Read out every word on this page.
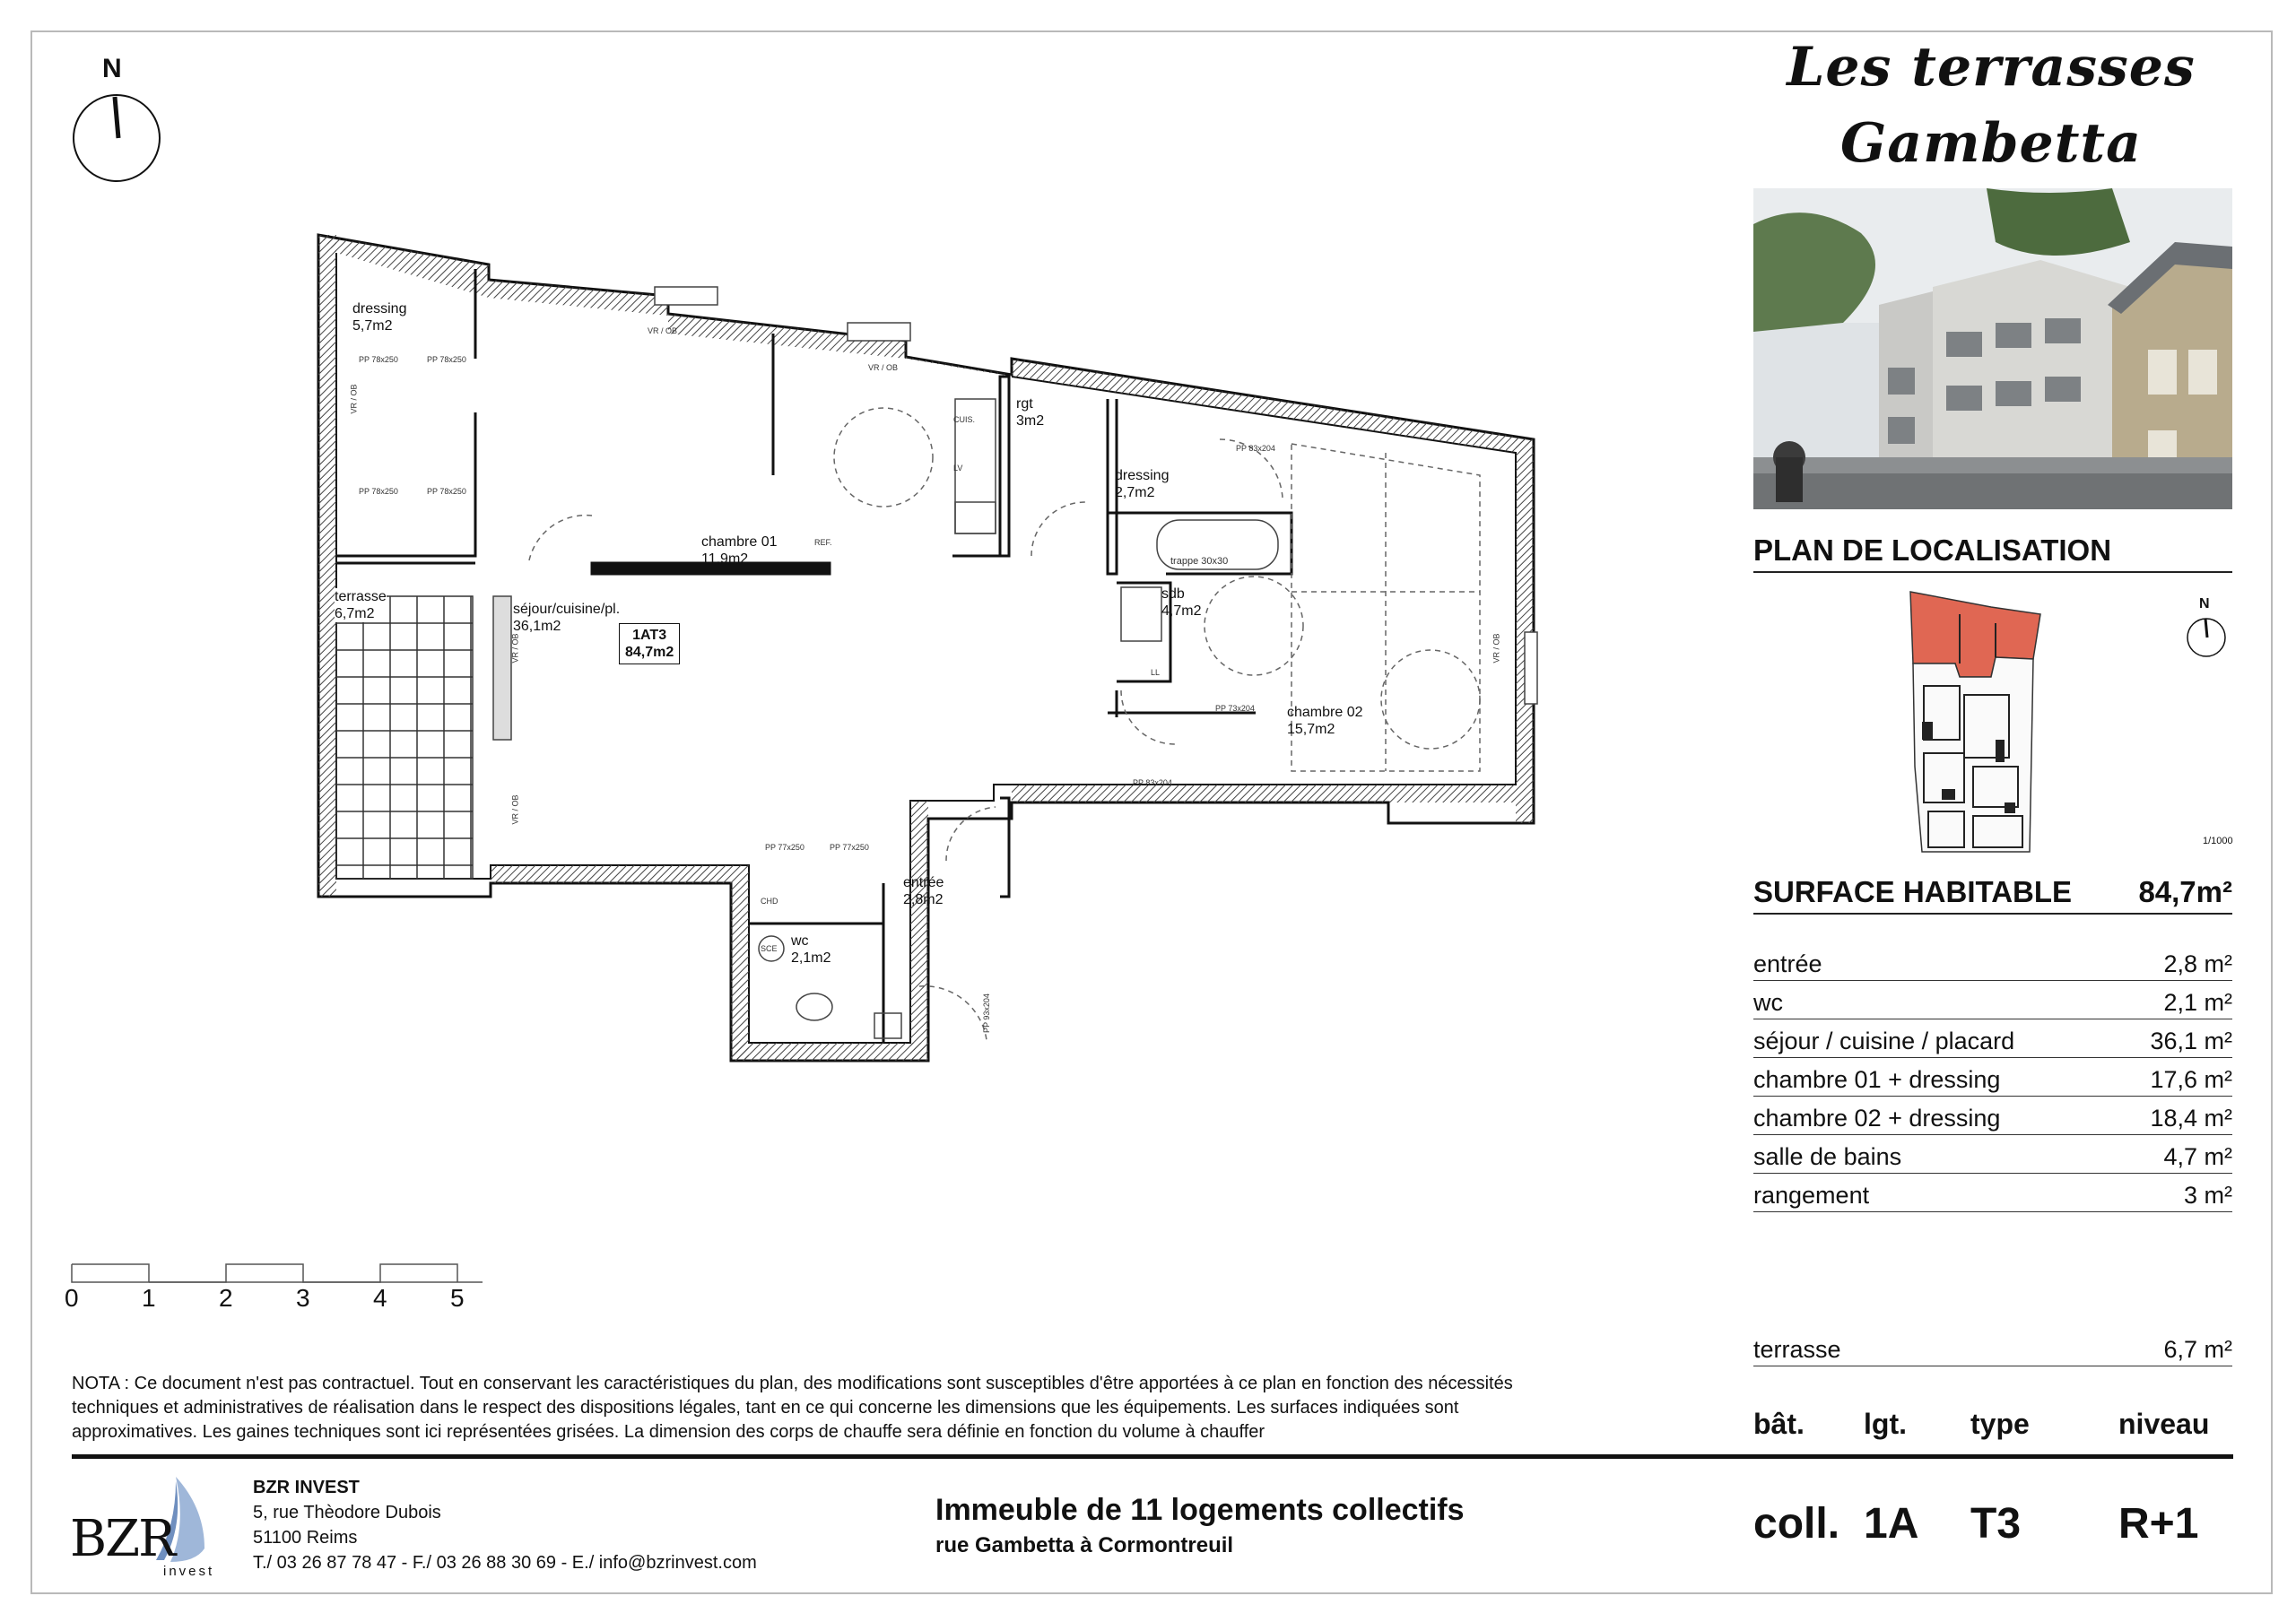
N
dressing
5,7m2
chambre 01
11,9m2
rgt
3m2
dressing
2,7m2
sdb
4,7m2
terrasse
6,7m2	séjour/cuisine/pl.
36,1m2
chambre 02
15,7m2
entrée
2,8m2
wc
2,1m2
1AT3
84,7m2
VR / OB
VR / OB
VR / OB
VR / OB
VR / OB
VR / OB
CUIS.
LV
REF.
trappe 30x30
LL
CHD
SCE
PP 78x250	PP 78x250
PP 78x250	PP 78x250
PP 83x204
PP 83x204
PP 73x204
PP 93x204
PP 77x250	PP 77x250
0	1	2	3	4	5
NOTA : Ce document n'est pas contractuel. Tout en conservant les caractéristiques du plan, des modifications sont susceptibles d'être apportées à ce plan en fonction des nécessités techniques et administratives de réalisation dans le respect des dispositions légales, tant en ce qui concerne les dimensions que les équipements. Les surfaces indiquées sont approximatives. Les gaines techniques sont ici représentées grisées. La dimension des corps de chauffe sera définie en fonction du volume à chauffer
Les terrasses
Gambetta
PLAN DE LOCALISATION
N
1/1000
SURFACE HABITABLE 84,7m²
entrée	2,8 m²
wc	2,1 m²
séjour / cuisine / placard	36,1 m²
chambre 01 + dressing	17,6 m²
chambre 02 + dressing	18,4 m²
salle de bains	4,7 m²
rangement	3 m²
terrasse	6,7 m²
bât. lgt. type	niveau
coll. 1A T3 R+1
BZR
invest
BZR INVEST
5, rue Thèodore Dubois
51100 Reims
T./ 03 26 87 78 47 - F./ 03 26 88 30 69 - E./ info@bzrinvest.com
Immeuble de 11 logements collectifs
rue Gambetta à Cormontreuil
